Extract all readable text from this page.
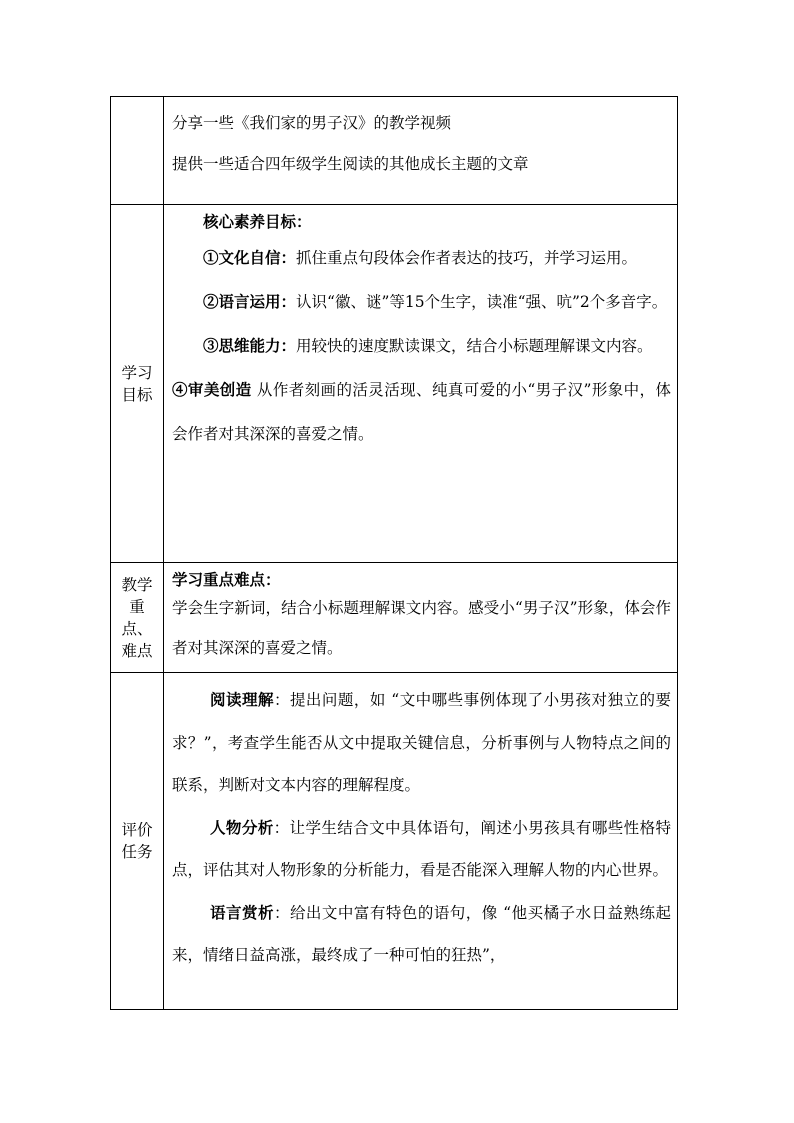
	分享一些《我们家的男子汉》的教学视频
提供一些适合四年级学生阅读的其他成长主题的文章

学习目标	核心素养目标：
①文化自信：抓住重点句段体会作者表达的技巧，并学习运用。
②语言运用：认识“徽、谜”等15个生字，读准“强、吭”2个多音字。
③思维能力：用较快的速度默读课文，结合小标题理解课文内容。
④审美创造 从作者刻画的活灵活现、纯真可爱的小“男子汉”形象中，体会作者对其深深的喜爱之情。

教学重点、难点	学习重点难点：
学会生字新词，结合小标题理解课文内容。感受小“男子汉”形象，体会作者对其深深的喜爱之情。

评价任务	阅读理解：提出问题，如 “文中哪些事例体现了小男孩对独立的要求？”，考查学生能否从文中提取关键信息，分析事例与人物特点之间的联系，判断对文本内容的理解程度。
人物分析：让学生结合文中具体语句，阐述小男孩具有哪些性格特点，评估其对人物形象的分析能力，看是否能深入理解人物的内心世界。
语言赏析：给出文中富有特色的语句，像 “他买橘子水日益熟练起来，情绪日益高涨，最终成了一种可怕的狂热”，
